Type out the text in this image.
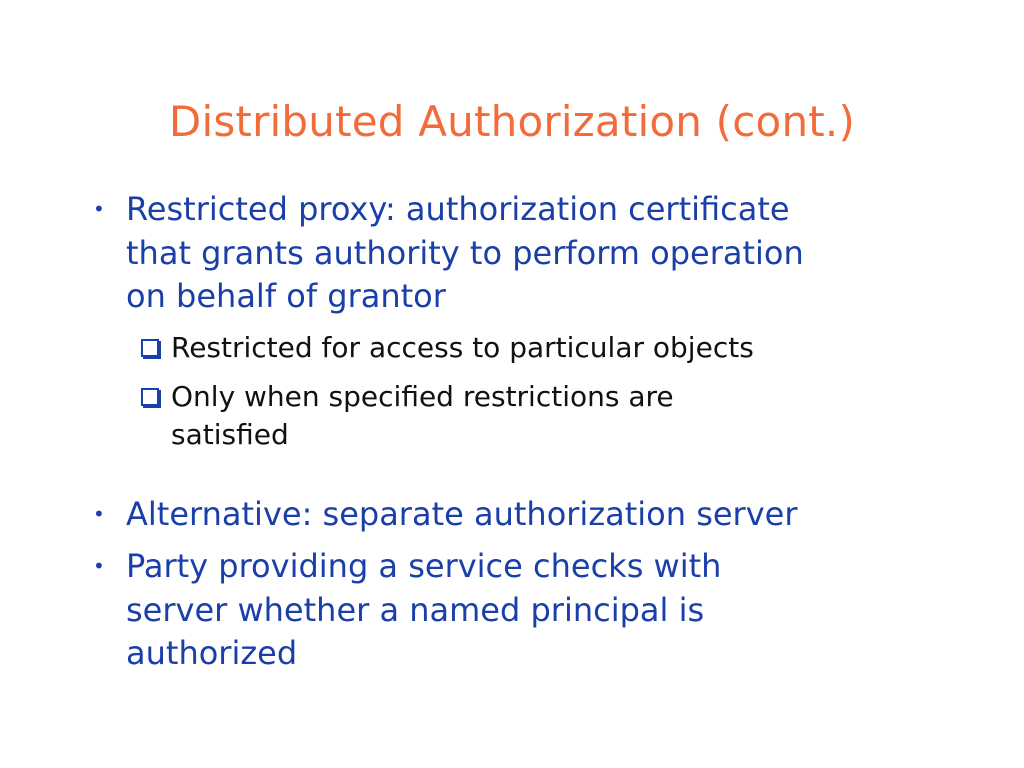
Distributed Authorization (cont.)
• Restricted proxy: authorization certificate
that grants authority to perform operation
on behalf of grantor
Restricted for access to particular objects
Only when specified restrictions are
satisfied
• Alternative: separate authorization server
• Party providing a service checks with
server whether a named principal is
authorized
